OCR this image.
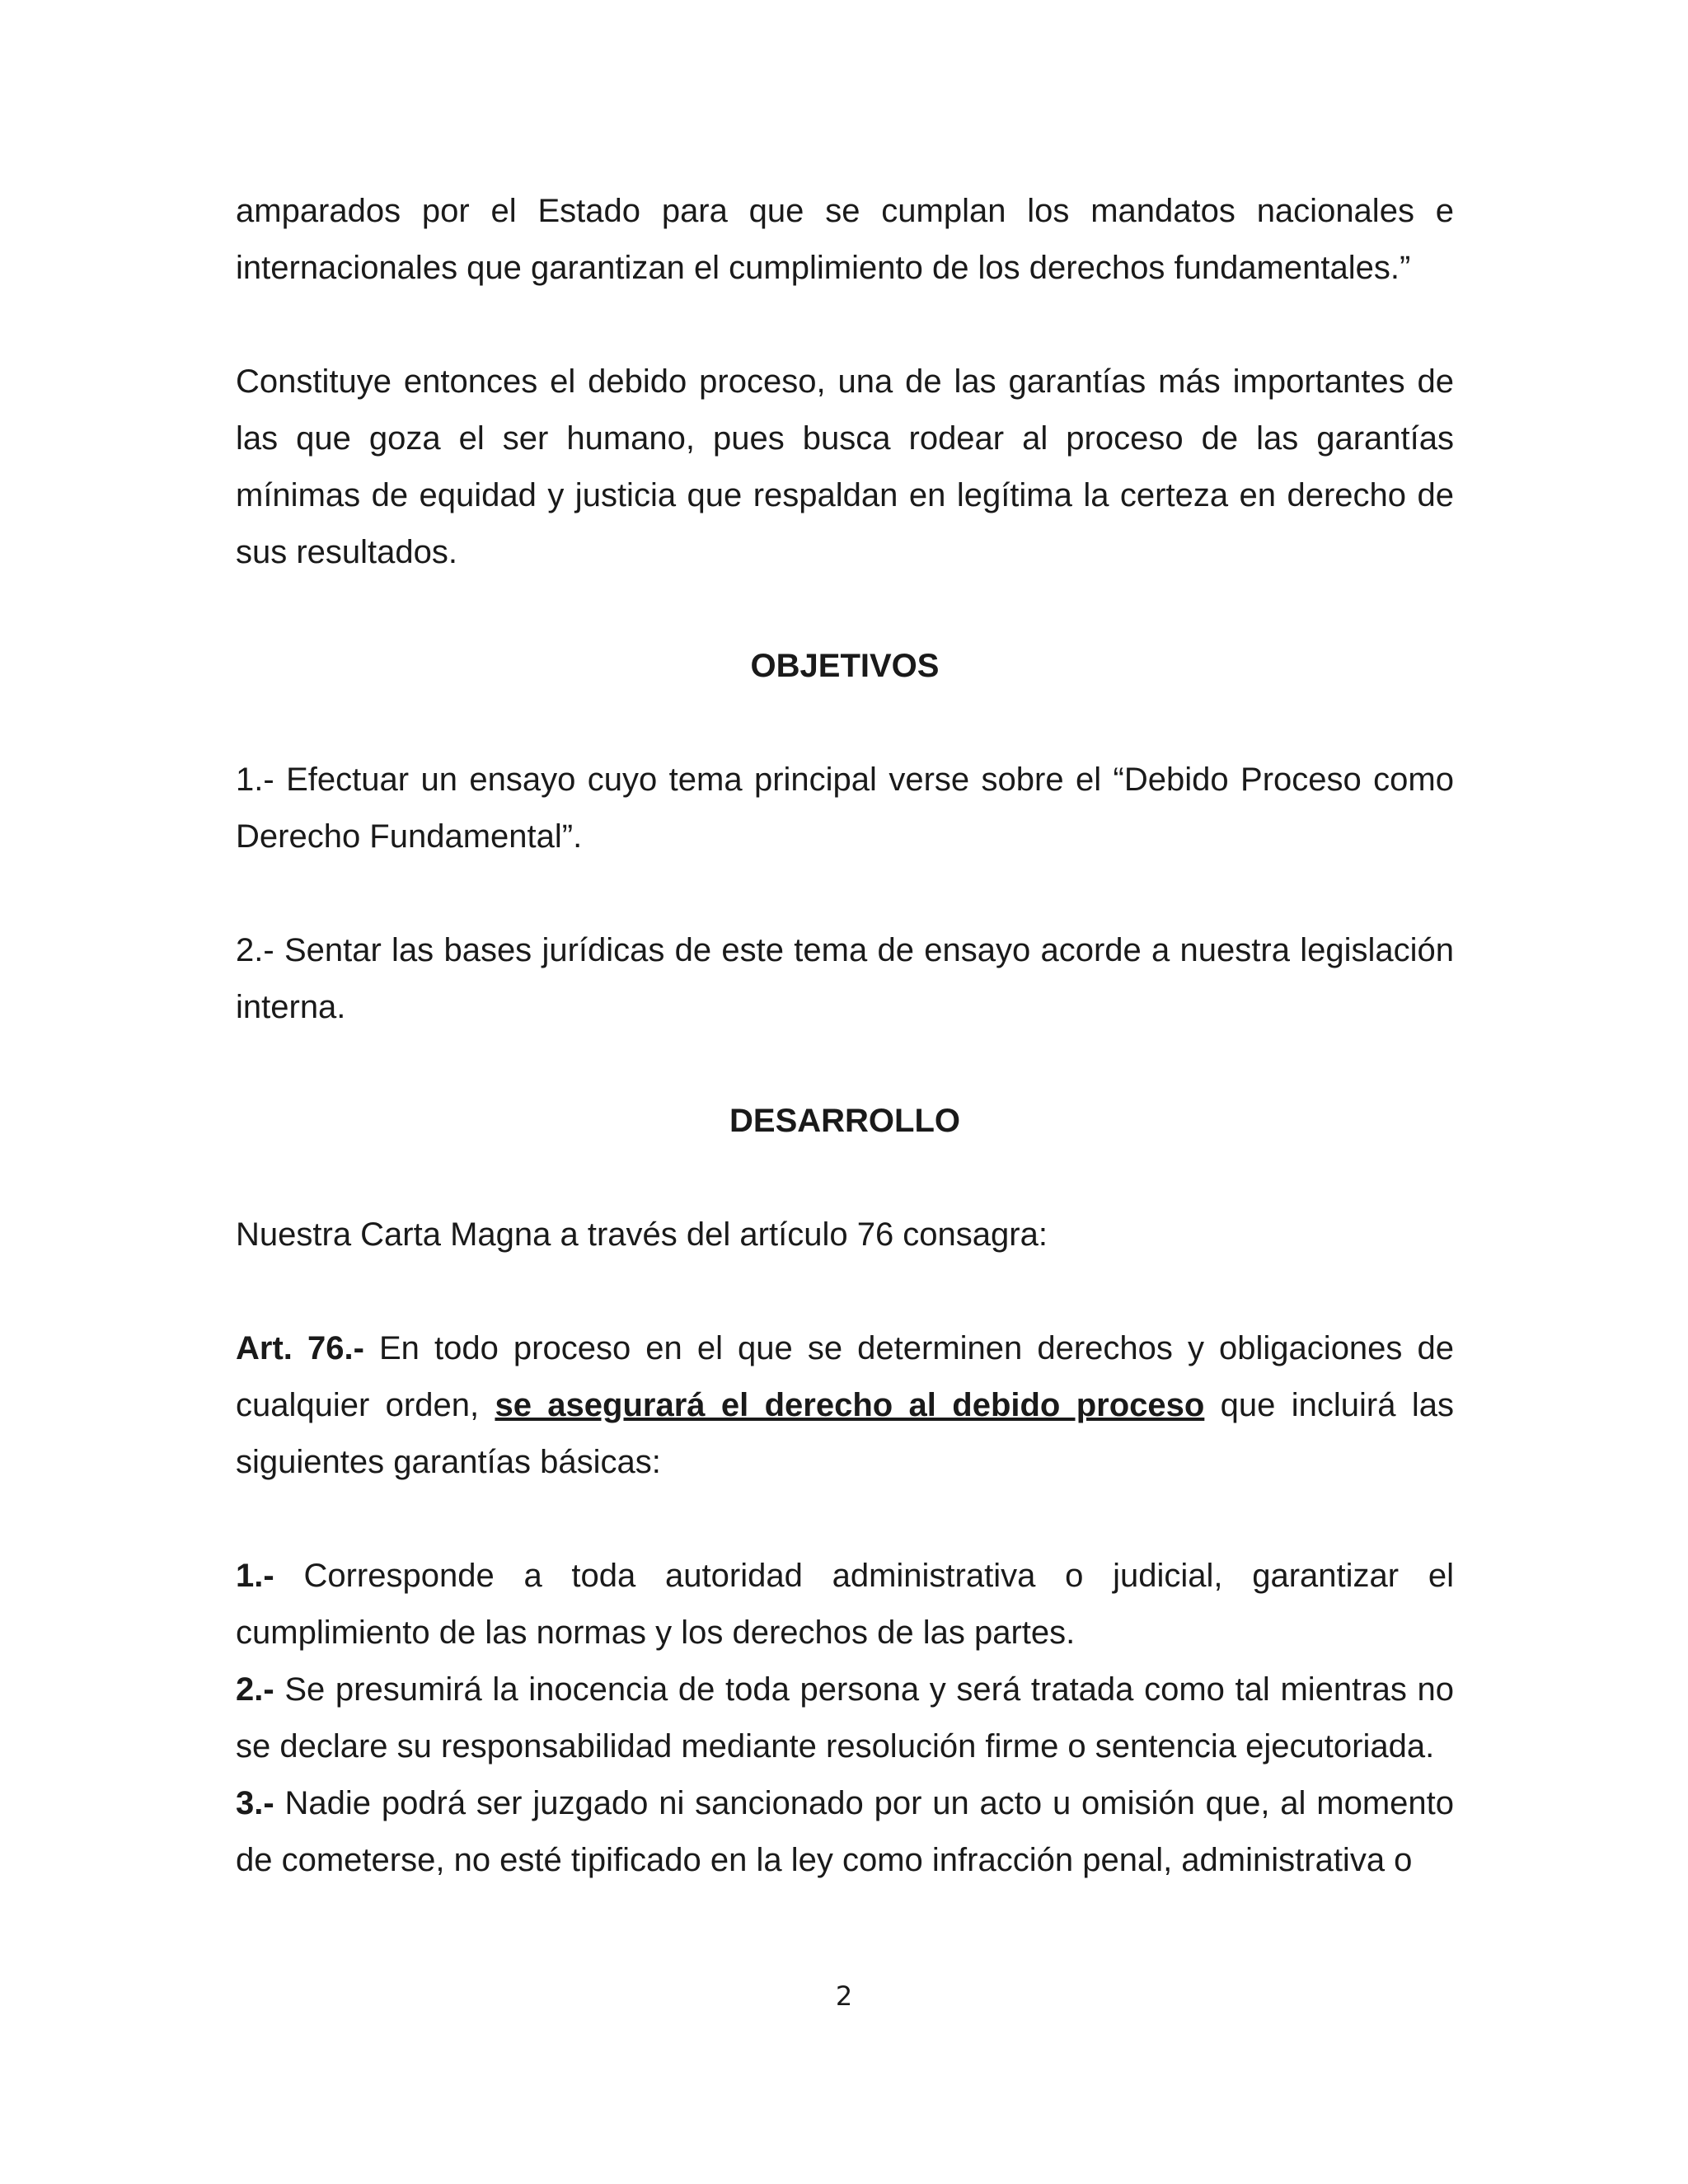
amparados por el Estado para que se cumplan los mandatos nacionales e internacionales que garantizan el cumplimiento de los derechos fundamentales.”

Constituye entonces el debido proceso, una de las garantías más importantes de las que goza el ser humano, pues busca rodear al proceso de las garantías mínimas de equidad y justicia que respaldan en legítima la certeza en derecho de sus resultados.

OBJETIVOS

1.- Efectuar un ensayo cuyo tema principal verse sobre el “Debido Proceso como Derecho Fundamental”.

2.- Sentar las bases jurídicas de este tema de ensayo acorde a nuestra legislación interna.

DESARROLLO

Nuestra Carta Magna a través del artículo 76 consagra:

Art. 76.- En todo proceso en el que se determinen derechos y obligaciones de cualquier orden, se asegurará el derecho al debido proceso que incluirá las siguientes garantías básicas:

1.- Corresponde a toda autoridad administrativa o judicial, garantizar el cumplimiento de las normas y los derechos de las partes.

2.- Se presumirá la inocencia de toda persona y será tratada como tal mientras no se declare su responsabilidad mediante resolución firme o sentencia ejecutoriada.

3.- Nadie podrá ser juzgado ni sancionado por un acto u omisión que, al momento de cometerse, no esté tipificado en la ley como infracción penal, administrativa o

2
